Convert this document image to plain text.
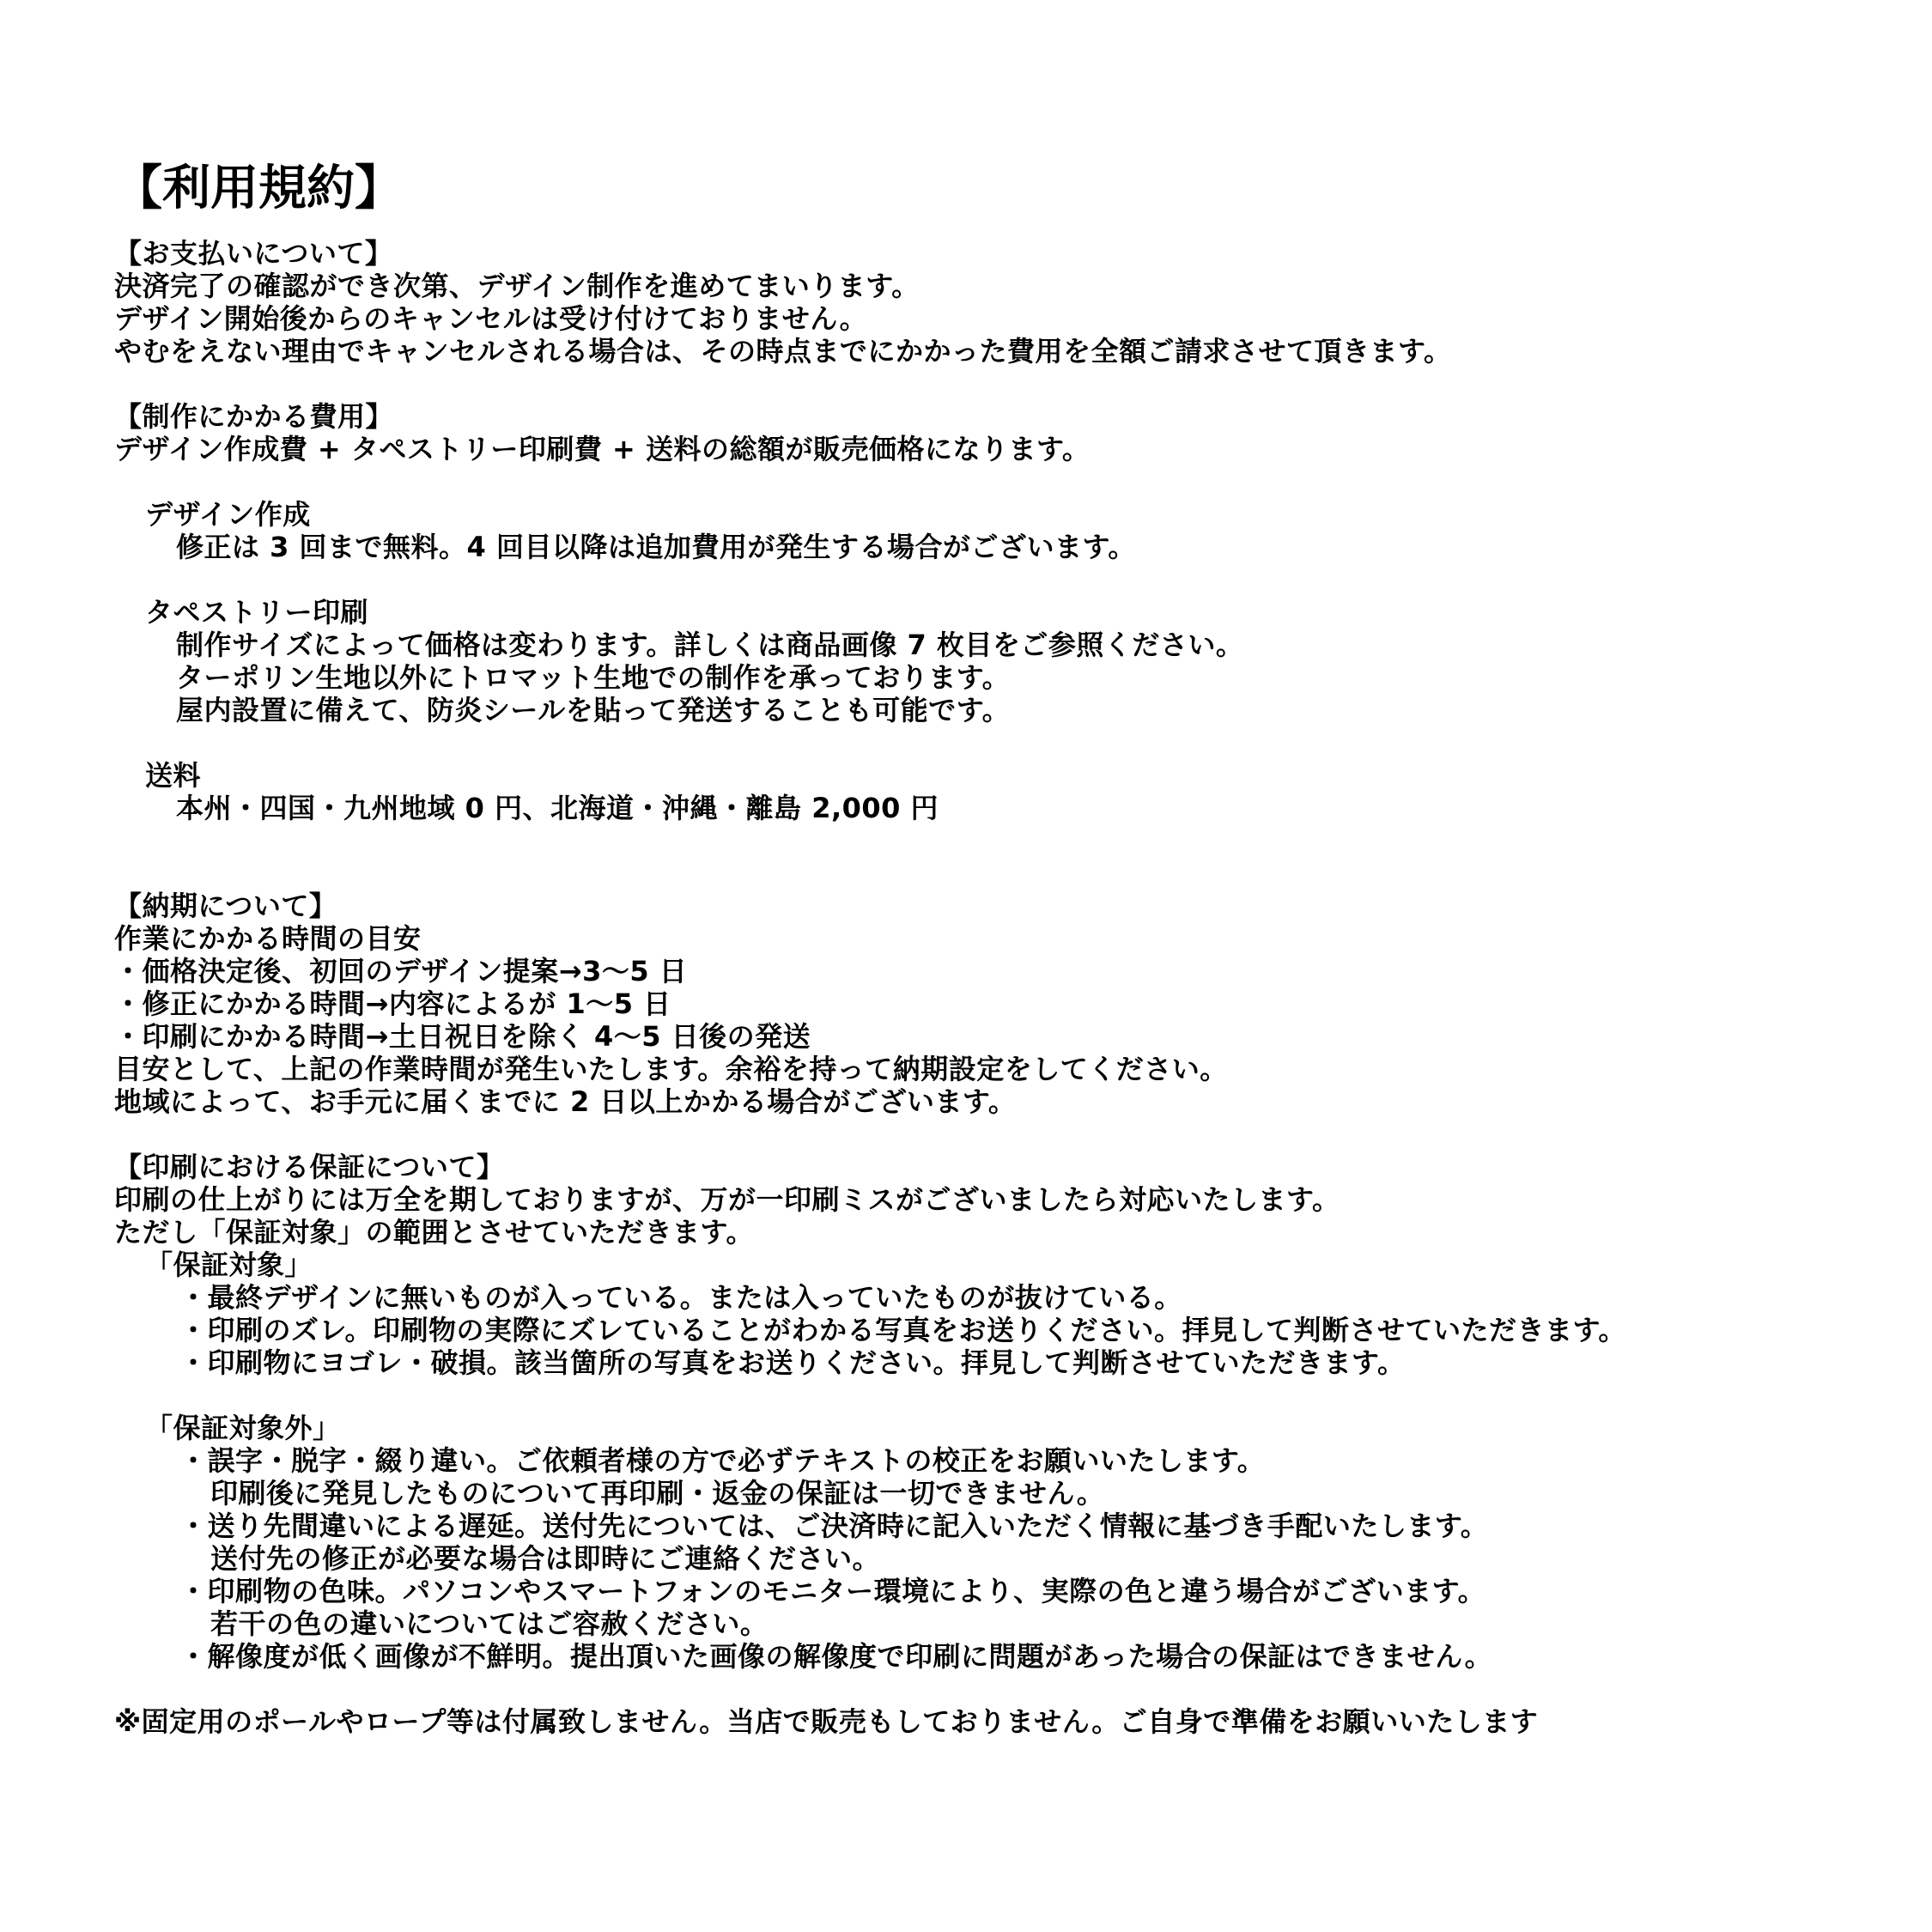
【利用規約】
【お支払いについて】
決済完了の確認ができ次第、デザイン制作を進めてまいります。
デザイン開始後からのキャンセルは受け付けておりません。
やむをえない理由でキャンセルされる場合は、その時点までにかかった費用を全額ご請求させて頂きます。
【制作にかかる費用】
デザイン作成費 + タペストリー印刷費 + 送料の総額が販売価格になります。
デザイン作成
修正は 3 回まで無料。4 回目以降は追加費用が発生する場合がございます。
タペストリー印刷
制作サイズによって価格は変わります。詳しくは商品画像 7 枚目をご参照ください。
ターポリン生地以外にトロマット生地での制作を承っております。
屋内設置に備えて、防炎シールを貼って発送することも可能です。
送料
本州・四国・九州地域 0 円、北海道・沖縄・離島 2,000 円
【納期について】
作業にかかる時間の目安
・価格決定後、初回のデザイン提案→3〜5 日
・修正にかかる時間→内容によるが 1〜5 日
・印刷にかかる時間→土日祝日を除く 4〜5 日後の発送
目安として、上記の作業時間が発生いたします。余裕を持って納期設定をしてください。
地域によって、お手元に届くまでに 2 日以上かかる場合がございます。
【印刷における保証について】
印刷の仕上がりには万全を期しておりますが、万が一印刷ミスがございましたら対応いたします。
ただし「保証対象」の範囲とさせていただきます。
「保証対象」
・最終デザインに無いものが入っている。または入っていたものが抜けている。
・印刷のズレ。印刷物の実際にズレていることがわかる写真をお送りください。拝見して判断させていただきます。
・印刷物にヨゴレ・破損。該当箇所の写真をお送りください。拝見して判断させていただきます。
「保証対象外」
・誤字・脱字・綴り違い。ご依頼者様の方で必ずテキストの校正をお願いいたします。
印刷後に発見したものについて再印刷・返金の保証は一切できません。
・送り先間違いによる遅延。送付先については、ご決済時に記入いただく情報に基づき手配いたします。
送付先の修正が必要な場合は即時にご連絡ください。
・印刷物の色味。パソコンやスマートフォンのモニター環境により、実際の色と違う場合がございます。
若干の色の違いについてはご容赦ください。
・解像度が低く画像が不鮮明。提出頂いた画像の解像度で印刷に問題があった場合の保証はできません。
※固定用のポールやロープ等は付属致しません。当店で販売もしておりません。ご自身で準備をお願いいたします
